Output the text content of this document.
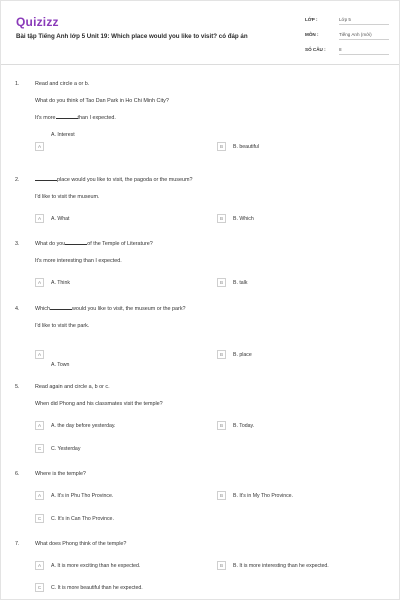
Quizizz
Bài tập Tiếng Anh lớp 5 Unit 19: Which place would you like to visit? có đáp án
LỚP :	Lớp 5
MÔN :	Tiếng Anh (mới)
SỐ CÂU :	8
1.	Read and circle a or b.
What do you think of Tao Dan Park in Ho Chi Minh City?
It's more	than I expected.
A
A. Interest
B	B. beautiful
2.	place would you like to visit, the pagoda or the museum?
I'd like to visit the museum.
A	A. What	B	B. Which
3.	What do you	of the Temple of Literature?
It's more interesting than I expected.
A	A. Think	B	B. talk
4.	Which	would you like to visit, the museum or the park?
I'd like to visit the park.
A
A. Town
B	B. place
5.	Read again and circle a, b or c.
When did Phong and his classmates visit the temple?
A	A. the day before yesterday.	B	B. Today.
C	C. Yesterday
6.	Where is the temple?
A	A. It's in Phu Tho Province.	B	B. It's in My Tho Province.
C	C. It's in Can Tho Province.
7.	What does Phong think of the temple?
A	A. It is more exciting than he expected.	B	B. It is more interesting than he expected.
C	C. It is more beautiful than he expected.
